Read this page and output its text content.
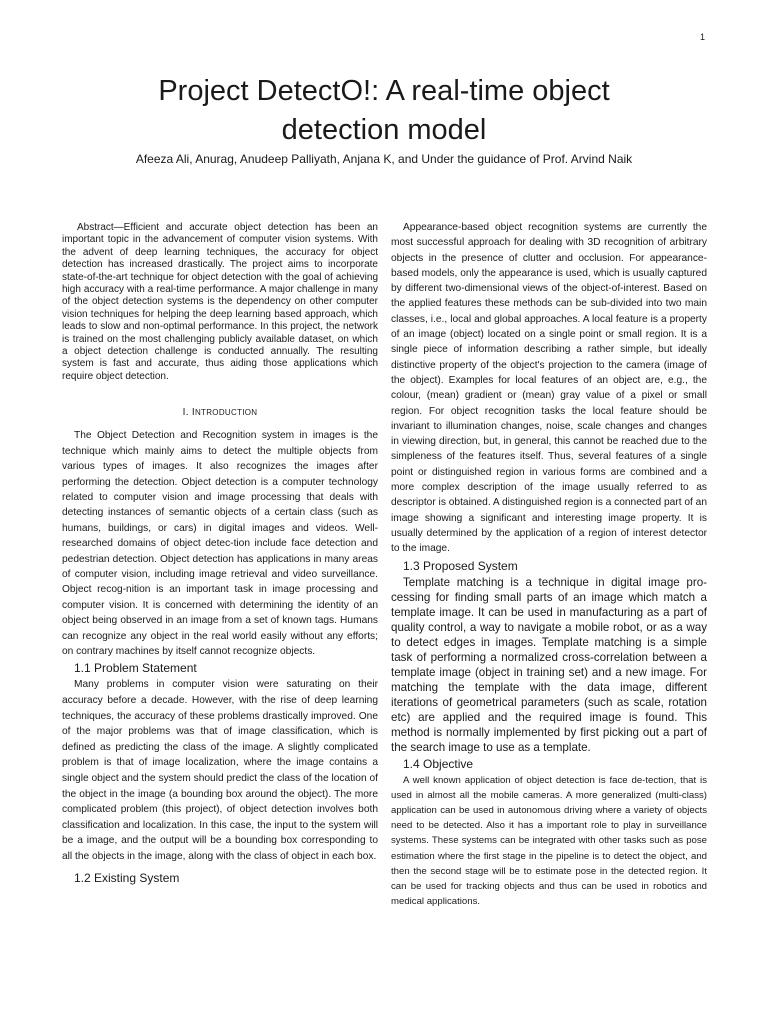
1
Project DetectO!: A real-time object
detection model
Afeeza Ali, Anurag, Anudeep Palliyath, Anjana K, and Under the guidance of Prof. Arvind Naik

Abstract—Efficient and accurate object detection has been an important topic in the advancement of computer vision systems. With the advent of deep learning techniques, the accuracy for object detection has increased drastically. The project aims to incorporate state-of-the-art technique for object detection with the goal of achieving high accuracy with a real-time performance. A major challenge in many of the object detection systems is the dependency on other computer vision techniques for helping the deep learning based approach, which leads to slow and non-optimal performance. In this project, the network is trained on the most challenging publicly available dataset, on which a object detection challenge is conducted annually. The resulting system is fast and accurate, thus aiding those applications which require object detection.

I. INTRODUCTION

The Object Detection and Recognition system in images is the technique which mainly aims to detect the multiple objects from various types of images. It also recognizes the images after performing the detection. Object detection is a computer technology related to computer vision and image processing that deals with detecting instances of semantic objects of a certain class (such as humans, buildings, or cars) in digital images and videos. Well-researched domains of object detec-tion include face detection and pedestrian detection. Object detection has applications in many areas of computer vision, including image retrieval and video surveillance. Object recog-nition is an important task in image processing and computer vision. It is concerned with determining the identity of an object being observed in an image from a set of known tags. Humans can recognize any object in the real world easily without any efforts; on contrary machines by itself cannot recognize objects.

1.1 Problem Statement

Many problems in computer vision were saturating on their accuracy before a decade. However, with the rise of deep learning techniques, the accuracy of these problems drastically improved. One of the major problems was that of image classification, which is defined as predicting the class of the image. A slightly complicated problem is that of image localization, where the image contains a single object and the system should predict the class of the location of the object in the image (a bounding box around the object). The more complicated problem (this project), of object detection involves both classification and localization. In this case, the input to the system will be a image, and the output will be a bounding box corresponding to all the objects in the image, along with the class of object in each box.

1.2 Existing System

Appearance-based object recognition systems are currently the most successful approach for dealing with 3D recognition of arbitrary objects in the presence of clutter and occlusion. For appearance-based models, only the appearance is used, which is usually captured by different two-dimensional views of the object-of-interest. Based on the applied features these methods can be sub-divided into two main classes, i.e., local and global approaches. A local feature is a property of an image (object) located on a single point or small region. It is a single piece of information describing a rather simple, but ideally distinctive property of the object's projection to the camera (image of the object). Examples for local features of an object are, e.g., the colour, (mean) gradient or (mean) gray value of a pixel or small region. For object recognition tasks the local feature should be invariant to illumination changes, noise, scale changes and changes in viewing direction, but, in general, this cannot be reached due to the simpleness of the features itself. Thus, several features of a single point or distinguished region in various forms are combined and a more complex description of the image usually referred to as descriptor is obtained. A distinguished region is a connected part of an image showing a significant and interesting image property. It is usually determined by the application of a region of interest detector to the image.

1.3 Proposed System

Template matching is a technique in digital image pro-cessing for finding small parts of an image which match a template image. It can be used in manufacturing as a part of quality control, a way to navigate a mobile robot, or as a way to detect edges in images. Template matching is a simple task of performing a normalized cross-correlation between a template image (object in training set) and a new image. For matching the template with the data image, different iterations of geometrical parameters (such as scale, rotation etc) are applied and the required image is found. This method is normally implemented by first picking out a part of the search image to use as a template.

1.4 Objective

A well known application of object detection is face de-tection, that is used in almost all the mobile cameras. A more generalized (multi-class) application can be used in autonomous driving where a variety of objects need to be detected. Also it has a important role to play in surveillance systems. These systems can be integrated with other tasks such as pose estimation where the first stage in the pipeline is to detect the object, and then the second stage will be to estimate pose in the detected region. It can be used for tracking objects and thus can be used in robotics and medical applications.
